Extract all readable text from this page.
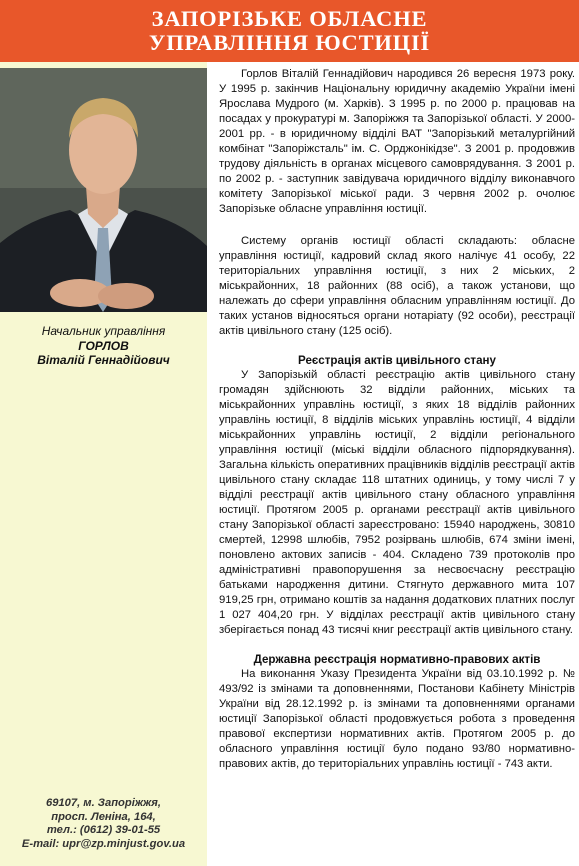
ЗАПОРІЗЬКЕ ОБЛАСНЕ
УПРАВЛІННЯ ЮСТИЦІЇ
Начальник управління
ГОРЛОВ
Віталій Геннадійович
69107, м. Запоріжжя,
просп. Леніна, 164,
тел.: (0612) 39-01-55
E-mail: upr@zp.minjust.gov.ua

Горлов Віталій Геннадійович народився 26 вересня 1973 року. У 1995 р. закінчив Національну юридичну академію України імені Ярослава Мудрого (м. Харків). З 1995 р. по 2000 р. працював на посадах у прокуратурі м. Запоріжжя та Запорізької області. У 2000-2001 рр. - в юридичному відділі ВАТ "Запорізький металургійний комбінат "Запоріжсталь" ім. С. Орджонікідзе". З 2001 р. продовжив трудову діяльність в органах місцевого самоврядування. З 2001 р. по 2002 р. - заступник завідувача юридичного відділу виконавчого комітету Запорізької міської ради. З червня 2002 р. очолює Запорізьке обласне управління юстиції.

Систему органів юстиції області складають: обласне управління юстиції, кадровий склад якого налічує 41 особу, 22 територіальних управління юстиції, з них 2 міських, 2 міськрайонних, 18 районних (88 осіб), а також установи, що належать до сфери управління обласним управлінням юстиції. До таких установ відносяться органи нотаріату (92 особи), реєстрації актів цивільного стану (125 осіб).

Реєстрація актів цивільного стану

У Запорізькій області реєстрацію актів цивільного стану громадян здійснюють 32 відділи районних, міських та міськрайонних управлінь юстиції, з яких 18 відділів районних управлінь юстиції, 8 відділів міських управлінь юстиції, 4 відділи міськрайонних управлінь юстиції, 2 відділи регіонального управління юстиції (міські відділи обласного підпорядкування). Загальна кількість оперативних працівників відділів реєстрації актів цивільного стану складає 118 штатних одиниць, у тому числі 7 у відділі реєстрації актів цивільного стану обласного управління юстиції. Протягом 2005 р. органами реєстрації актів цивільного стану Запорізької області зареєстровано: 15940 народжень, 30810 смертей, 12998 шлюбів, 7952 розірвань шлюбів, 674 зміни імені, поновлено актових записів - 404. Складено 739 протоколів про адміністративні правопорушення за несвоєчасну реєстрацію батьками народження дитини. Стягнуто державного мита 107 919,25 грн, отримано коштів за надання додаткових платних послуг 1 027 404,20 грн. У відділах реєстрації актів цивільного стану зберігається понад 43 тисячі книг реєстрації актів цивільного стану.

Державна реєстрація нормативно-правових актів

На виконання Указу Президента України від 03.10.1992 р. № 493/92 із змінами та доповненнями, Постанови Кабінету Міністрів України від 28.12.1992 р. із змінами та доповненнями органами юстиції Запорізької області продовжується робота з проведення правової експертизи нормативних актів. Протягом 2005 р. до обласного управління юстиції було подано 93/80 нормативно-правових актів, до територіальних управлінь юстиції - 743 акти.
